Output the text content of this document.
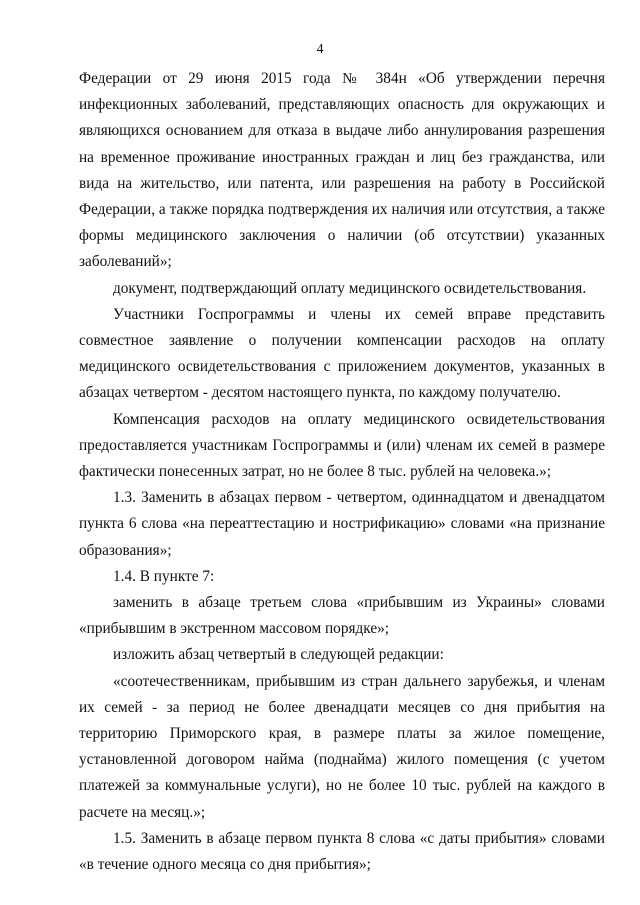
4

Федерации от 29 июня 2015 года № 384н «Об утверждении перечня инфекционных заболеваний, представляющих опасность для окружающих и являющихся основанием для отказа в выдаче либо аннулирования разрешения на временное проживание иностранных граждан и лиц без гражданства, или вида на жительство, или патента, или разрешения на работу в Российской Федерации, а также порядка подтверждения их наличия или отсутствия, а также формы медицинского заключения о наличии (об отсутствии) указанных заболеваний»;

документ, подтверждающий оплату медицинского освидетельствования.

Участники Госпрограммы и члены их семей вправе представить совместное заявление о получении компенсации расходов на оплату медицинского освидетельствования с приложением документов, указанных в абзацах четвертом - десятом настоящего пункта, по каждому получателю.

Компенсация расходов на оплату медицинского освидетельствования предоставляется участникам Госпрограммы и (или) членам их семей в размере фактически понесенных затрат, но не более 8 тыс. рублей на человека.»;

1.3. Заменить в абзацах первом - четвертом, одиннадцатом и двенадцатом пункта 6 слова «на переаттестацию и нострификацию» словами «на признание образования»;

1.4. В пункте 7:

заменить в абзаце третьем слова «прибывшим из Украины» словами «прибывшим в экстренном массовом порядке»;

изложить абзац четвертый в следующей редакции:

«соотечественникам, прибывшим из стран дальнего зарубежья, и членам их семей - за период не более двенадцати месяцев со дня прибытия на территорию Приморского края, в размере платы за жилое помещение, установленной договором найма (поднайма) жилого помещения (с учетом платежей за коммунальные услуги), но не более 10 тыс. рублей на каждого в расчете на месяц.»;

1.5. Заменить в абзаце первом пункта 8 слова «с даты прибытия» словами «в течение одного месяца со дня прибытия»;
